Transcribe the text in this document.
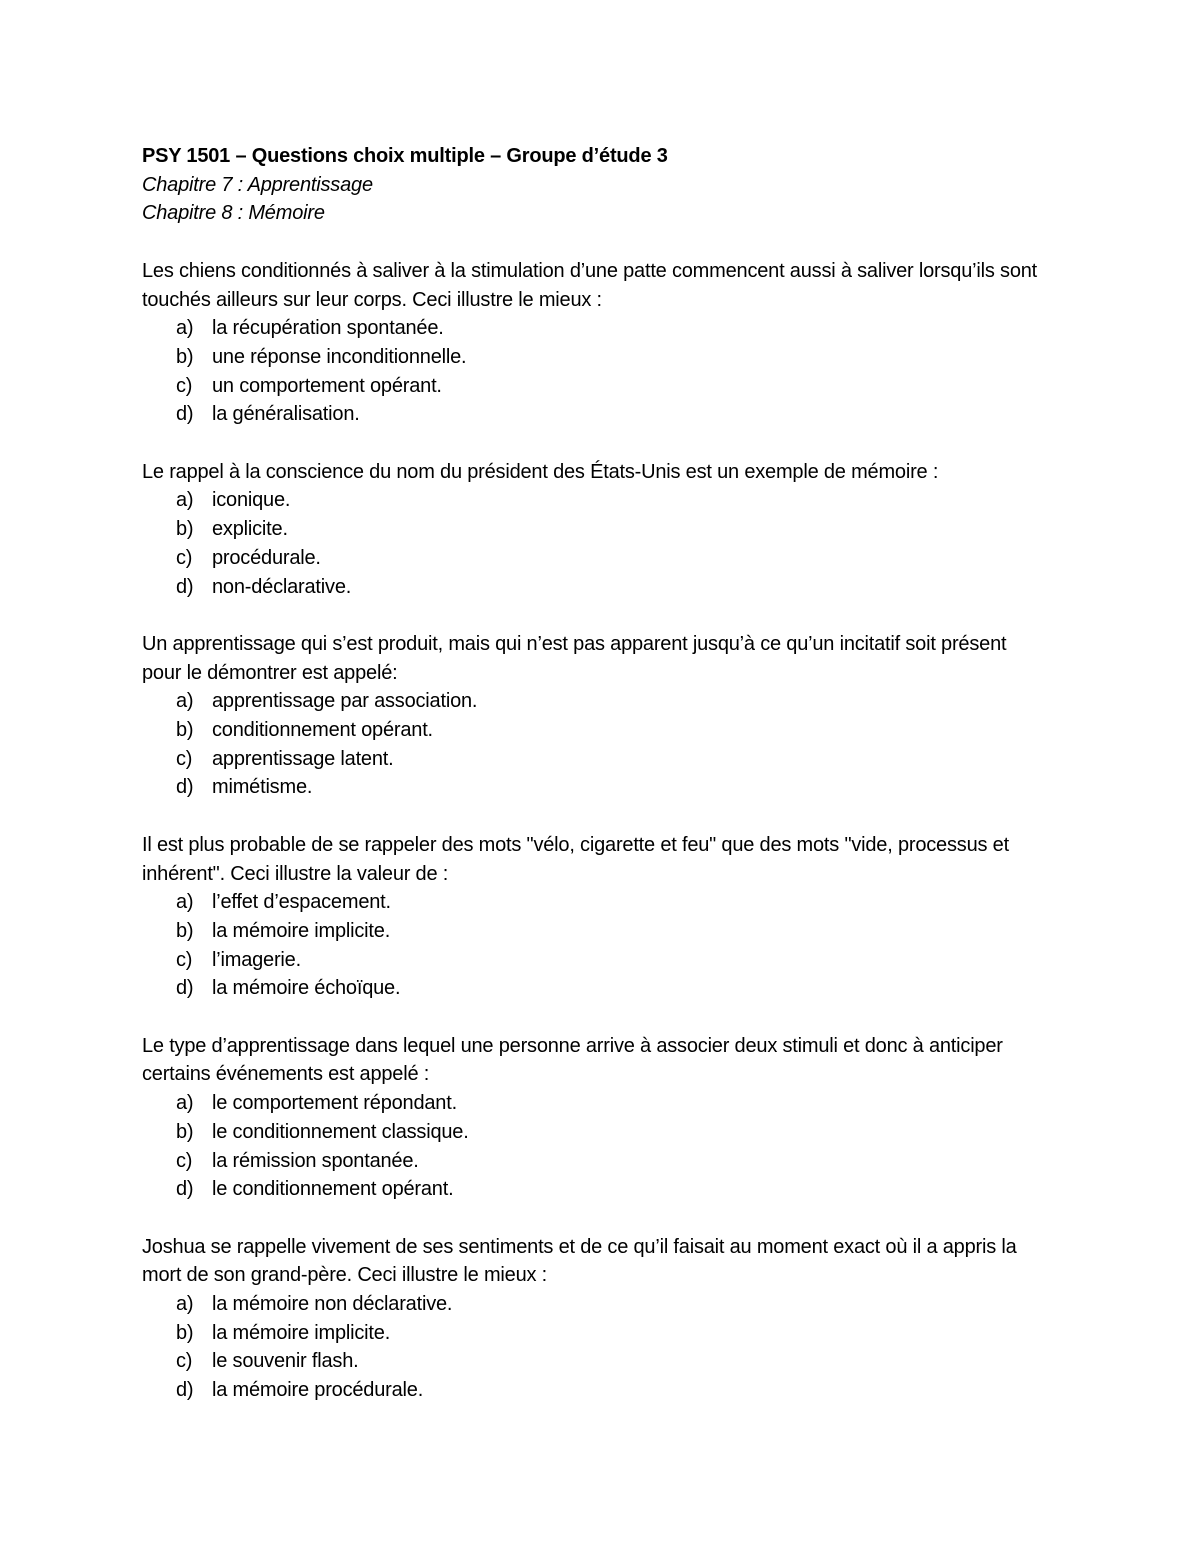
PSY 1501 – Questions choix multiple – Groupe d’étude 3

Chapitre 7 : Apprentissage

Chapitre 8 : Mémoire

Les chiens conditionnés à saliver à la stimulation d’une patte commencent aussi à saliver lorsqu’ils sont touchés ailleurs sur leur corps. Ceci illustre le mieux :

a) la récupération spontanée.
b) une réponse inconditionnelle.
c) un comportement opérant.
d) la généralisation.

Le rappel à la conscience du nom du président des États-Unis est un exemple de mémoire :

a) iconique.
b) explicite.
c) procédurale.
d) non-déclarative.

Un apprentissage qui s’est produit, mais qui n’est pas apparent jusqu’à ce qu’un incitatif soit présent pour le démontrer est appelé:

a) apprentissage par association.
b) conditionnement opérant.
c) apprentissage latent.
d) mimétisme.

Il est plus probable de se rappeler des mots "vélo, cigarette et feu" que des mots "vide, processus et inhérent". Ceci illustre la valeur de :

a) l’effet d’espacement.
b) la mémoire implicite.
c) l’imagerie.
d) la mémoire échoïque.

Le type d’apprentissage dans lequel une personne arrive à associer deux stimuli et donc à anticiper certains événements est appelé :

a) le comportement répondant.
b) le conditionnement classique.
c) la rémission spontanée.
d) le conditionnement opérant.

Joshua se rappelle vivement de ses sentiments et de ce qu’il faisait au moment exact où il a appris la mort de son grand-père. Ceci illustre le mieux :

a) la mémoire non déclarative.
b) la mémoire implicite.
c) le souvenir flash.
d) la mémoire procédurale.
